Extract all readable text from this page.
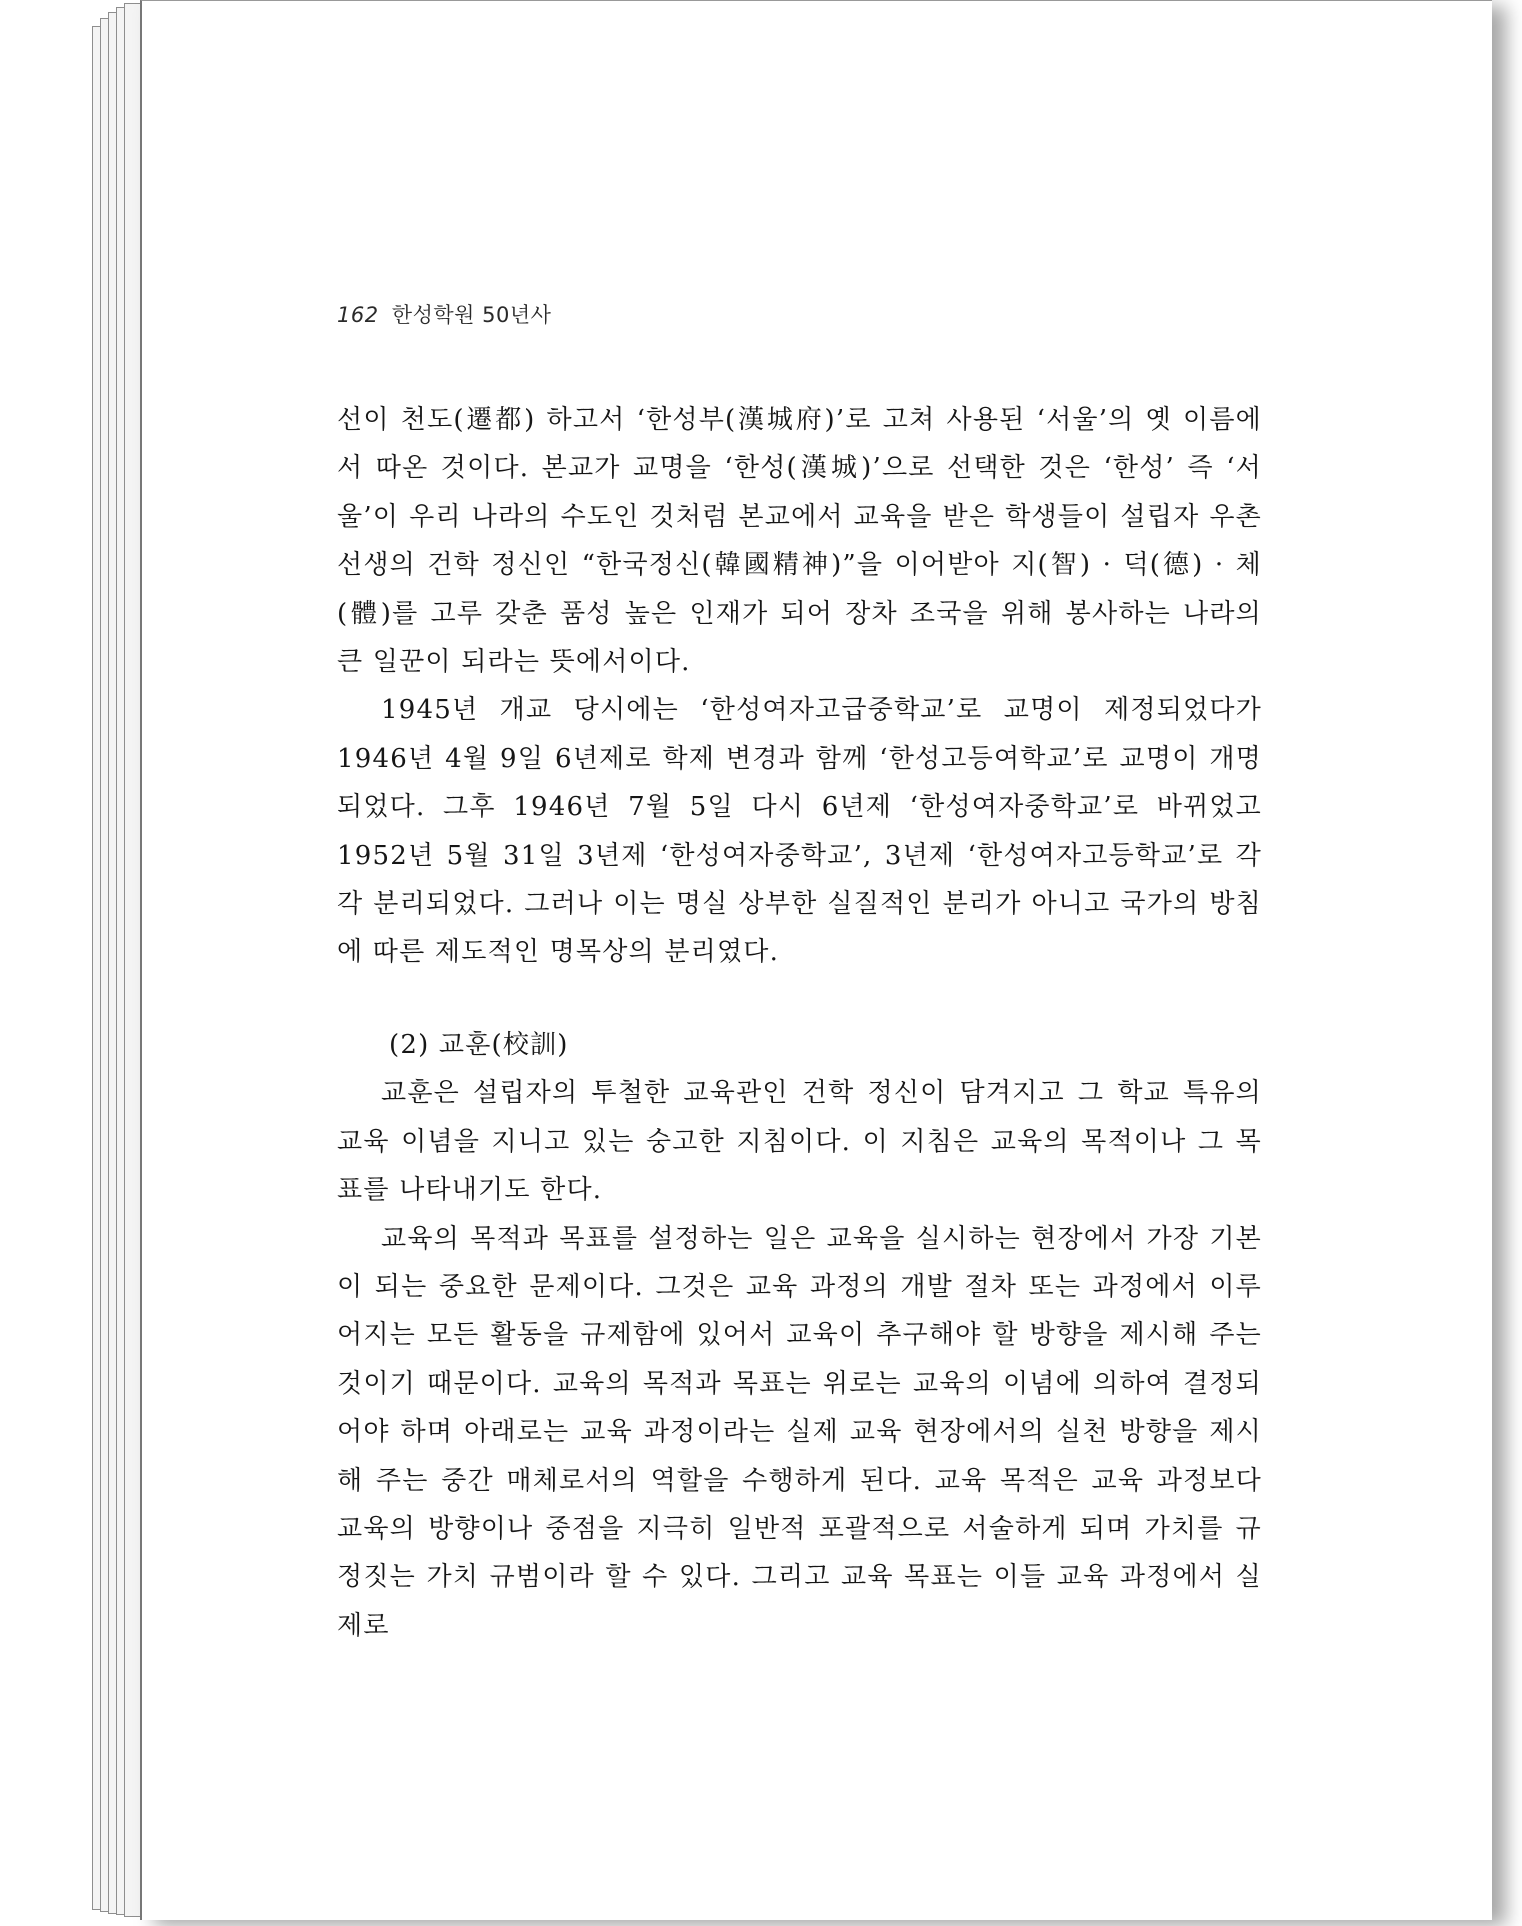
162 한성학원 50년사

선이 천도(遷都) 하고서 ‘한성부(漢城府)’로 고쳐 사용된 ‘서울’의 옛 이름에서 따온 것이다. 본교가 교명을 ‘한성(漢城)’으로 선택한 것은 ‘한성’ 즉 ‘서울’이 우리 나라의 수도인 것처럼 본교에서 교육을 받은 학생들이 설립자 우촌 선생의 건학 정신인 “한국정신(韓國精神)”을 이어받아 지(智) · 덕(德) · 체(體)를 고루 갖춘 품성 높은 인재가 되어 장차 조국을 위해 봉사하는 나라의 큰 일꾼이 되라는 뜻에서이다.

1945년 개교 당시에는 ‘한성여자고급중학교’로 교명이 제정되었다가 1946년 4월 9일 6년제로 학제 변경과 함께 ‘한성고등여학교’로 교명이 개명되었다. 그후 1946년 7월 5일 다시 6년제 ‘한성여자중학교’로 바뀌었고 1952년 5월 31일 3년제 ‘한성여자중학교’, 3년제 ‘한성여자고등학교’로 각각 분리되었다. 그러나 이는 명실 상부한 실질적인 분리가 아니고 국가의 방침에 따른 제도적인 명목상의 분리였다.

(2) 교훈(校訓)

교훈은 설립자의 투철한 교육관인 건학 정신이 담겨지고 그 학교 특유의 교육 이념을 지니고 있는 숭고한 지침이다. 이 지침은 교육의 목적이나 그 목표를 나타내기도 한다.

교육의 목적과 목표를 설정하는 일은 교육을 실시하는 현장에서 가장 기본이 되는 중요한 문제이다. 그것은 교육 과정의 개발 절차 또는 과정에서 이루어지는 모든 활동을 규제함에 있어서 교육이 추구해야 할 방향을 제시해 주는 것이기 때문이다. 교육의 목적과 목표는 위로는 교육의 이념에 의하여 결정되어야 하며 아래로는 교육 과정이라는 실제 교육 현장에서의 실천 방향을 제시해 주는 중간 매체로서의 역할을 수행하게 된다. 교육 목적은 교육 과정보다 교육의 방향이나 중점을 지극히 일반적 포괄적으로 서술하게 되며 가치를 규정짓는 가치 규범이라 할 수 있다. 그리고 교육 목표는 이들 교육 과정에서 실제로
